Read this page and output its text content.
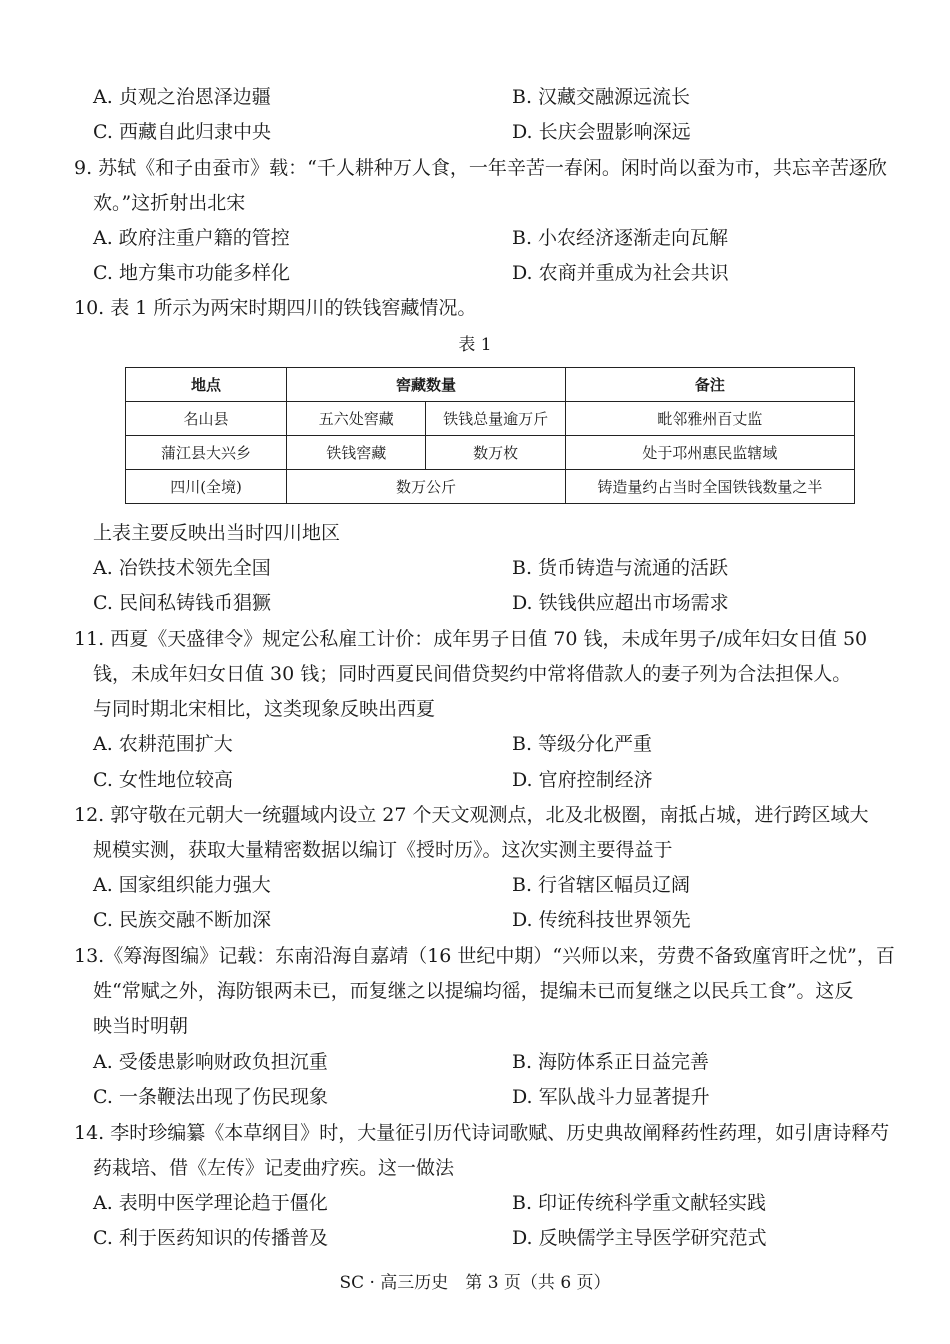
A. 贞观之治恩泽边疆	B. 汉藏交融源远流长
C. 西藏自此归隶中央	D. 长庆会盟影响深远
9. 苏轼《和子由蚕市》载：“千人耕种万人食，一年辛苦一春闲。闲时尚以蚕为市，共忘辛苦逐欣
欢。”这折射出北宋
A. 政府注重户籍的管控	B. 小农经济逐渐走向瓦解
C. 地方集市功能多样化	D. 农商并重成为社会共识
10. 表 1 所示为两宋时期四川的铁钱窖藏情况。
表 1
地点	窖藏数量		备注
名山县	五六处窖藏	铁钱总量逾万斤	毗邻雅州百丈监
蒲江县大兴乡	铁钱窖藏	数万枚	处于邛州惠民监辖域
四川(全境)	数万公斤		铸造量约占当时全国铁钱数量之半
上表主要反映出当时四川地区
A. 冶铁技术领先全国	B. 货币铸造与流通的活跃
C. 民间私铸钱币猖獗	D. 铁钱供应超出市场需求
11. 西夏《天盛律令》规定公私雇工计价：成年男子日值 70 钱，未成年男子/成年妇女日值 50
钱，未成年妇女日值 30 钱；同时西夏民间借贷契约中常将借款人的妻子列为合法担保人。
与同时期北宋相比，这类现象反映出西夏
A. 农耕范围扩大	B. 等级分化严重
C. 女性地位较高	D. 官府控制经济
12. 郭守敬在元朝大一统疆域内设立 27 个天文观测点，北及北极圈，南抵占城，进行跨区域大
规模实测，获取大量精密数据以编订《授时历》。这次实测主要得益于
A. 国家组织能力强大	B. 行省辖区幅员辽阔
C. 民族交融不断加深	D. 传统科技世界领先
13.《筹海图编》记载：东南沿海自嘉靖（16 世纪中期）“兴师以来，劳费不备致廑宵旰之忧”，百
姓“常赋之外，海防银两未已，而复继之以提编均徭，提编未已而复继之以民兵工食”。这反
映当时明朝
A. 受倭患影响财政负担沉重	B. 海防体系正日益完善
C. 一条鞭法出现了伤民现象	D. 军队战斗力显著提升
14. 李时珍编纂《本草纲目》时，大量征引历代诗词歌赋、历史典故阐释药性药理，如引唐诗释芍
药栽培、借《左传》记麦曲疗疾。这一做法
A. 表明中医学理论趋于僵化	B. 印证传统科学重文献轻实践
C. 利于医药知识的传播普及	D. 反映儒学主导医学研究范式
SC · 高三历史　第 3 页（共 6 页）
